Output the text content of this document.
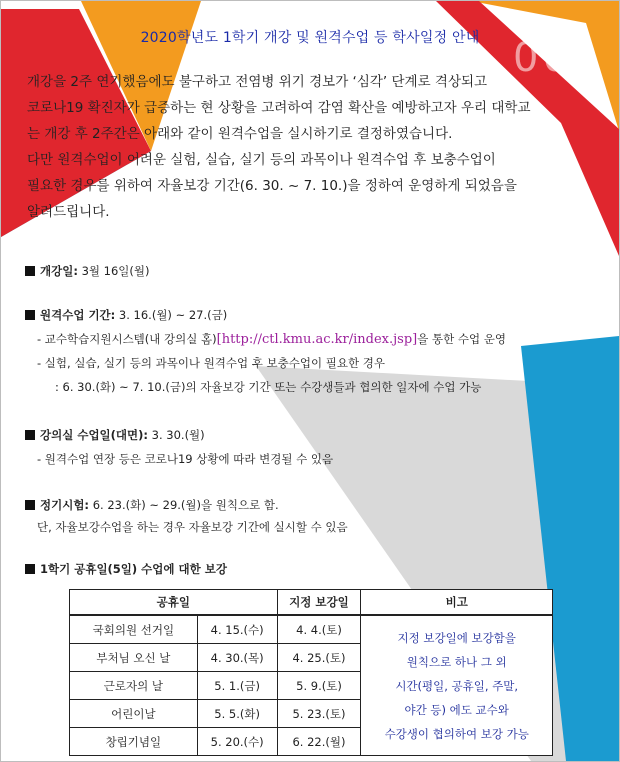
2020학년도 1학기 개강 및 원격수업 등 학사일정 안내 000

개강을 2주 연기했음에도 불구하고 전염병 위기 경보가 ‘심각’ 단계로 격상되고

코로나19 확진자가 급증하는 현 상황을 고려하여 감염 확산을 예방하고자 우리 대학교

는 개강 후 2주간은 아래와 같이 원격수업을 실시하기로 결정하였습니다.

다만 원격수업이 어려운 실험, 실습, 실기 등의 과목이나 원격수업 후 보충수업이

필요한 경우를 위하여 자율보강 기간(6. 30. ~ 7. 10.)을 정하여 운영하게 되었음을

알려드립니다.

개강일: 3월 16일(월)
원격수업 기간: 3. 16.(월) ~ 27.(금)
- 교수학습지원시스템(내 강의실 홈)[http://ctl.kmu.ac.kr/index.jsp]을 통한 수업 운영
- 실험, 실습, 실기 등의 과목이나 원격수업 후 보충수업이 필요한 경우
: 6. 30.(화) ~ 7. 10.(금)의 자율보강 기간 또는 수강생들과 협의한 일자에 수업 가능
강의실 수업일(대면): 3. 30.(월)
- 원격수업 연장 등은 코로나19 상황에 따라 변경될 수 있음
정기시험: 6. 23.(화) ~ 29.(월)을 원칙으로 함.
단, 자율보강수업을 하는 경우 자율보강 기간에 실시할 수 있음
1학기 공휴일(5일) 수업에 대한 보강
공휴일		지정 보강일	비고
국회의원 선거일	4. 15.(수)	4. 4.(토)	지정 보강일에 보강함을
원칙으로 하나 그 외
시간(평일, 공휴일, 주말,
야간 등) 에도 교수와
수강생이 협의하여 보강 가능

부처님 오신 날	4. 30.(목)	4. 25.(토)	
근로자의 날	5. 1.(금)	5. 9.(토)	
어린이날	5. 5.(화)	5. 23.(토)	
창립기념일	5. 20.(수)	6. 22.(월)	
